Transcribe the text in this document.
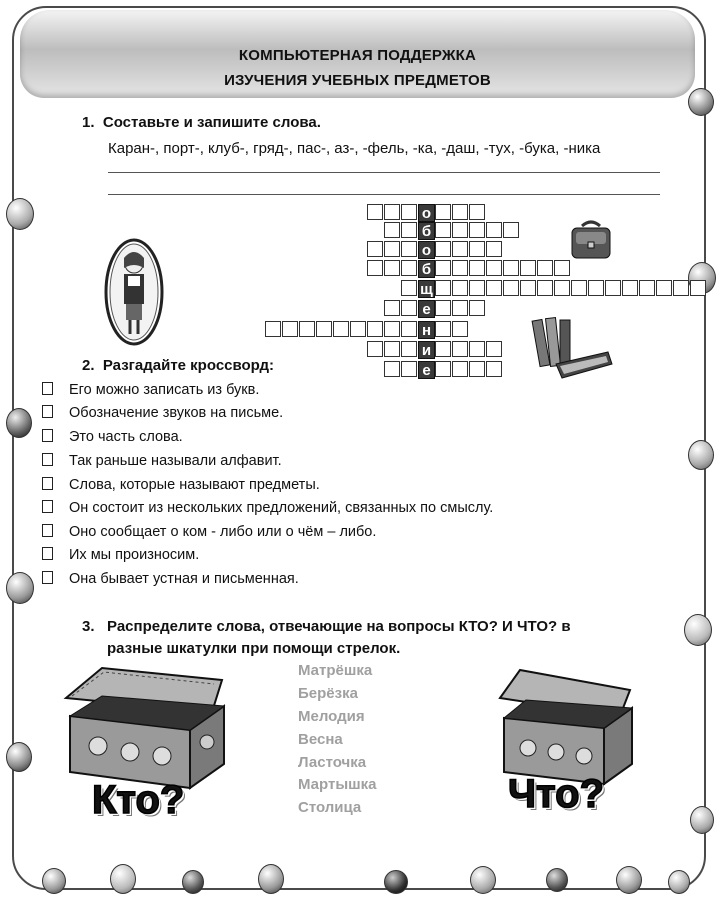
КОМПЬЮТЕРНАЯ ПОДДЕРЖКА
ИЗУЧЕНИЯ УЧЕБНЫХ ПРЕДМЕТОВ
1. Составьте и запишите слова.
Каран-, порт-, клуб-, гряд-, пас-, аз-, -фель, -ка, -даш, -тух, -бука, -ника
о
б
о
б
щ
е
н
и
е
2. Разгадайте кроссворд:
Его можно записать из букв.
Обозначение звуков на письме.
Это часть слова.
Так раньше называли алфавит.
Слова, которые называют предметы.
Он состоит из нескольких предложений, связанных по смыслу.
Оно сообщает о ком - либо или о чём – либо.
Их мы произносим.
Она бывает устная и письменная.
3. Распределите слова, отвечающие на вопросы КТО? И ЧТО? в
разные шкатулки при помощи стрелок.
Матрёшка
Берёзка
Мелодия
Весна
Ласточка
Мартышка
Столица
Кто?	Что?
